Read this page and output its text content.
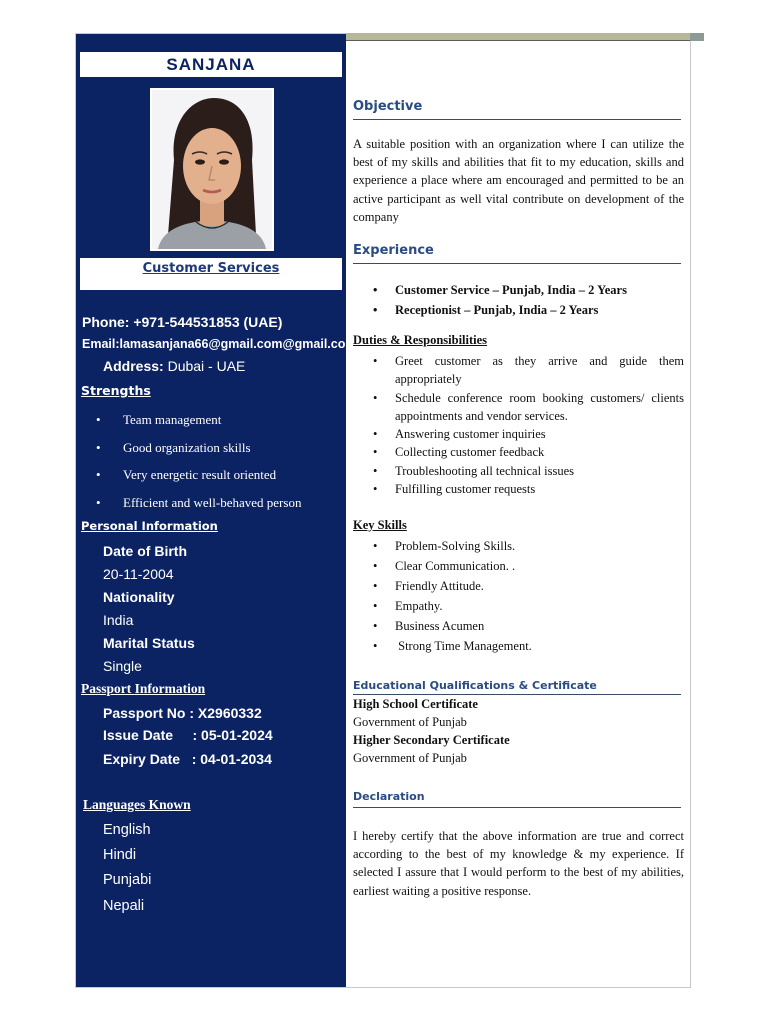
SANJANA
Customer Services
Phone: +971-544531853 (UAE)
Email:lamasanjana66@gmail.com@gmail.com
Address: Dubai - UAE
Strengths
• Team management
• Good organization skills
• Very energetic result oriented
• Efficient and well-behaved person
Personal Information
Date of Birth
20-11-2004
Nationality
India
Marital Status
Single
Passport Information
Passport No : X2960332
Issue Date     : 05-01-2024
Expiry Date   : 04-01-2034
Languages Known
English
Hindi
Punjabi
Nepali
Objective
A suitable position with an organization where I can utilize the best of my skills and abilities that fit to my education, skills and experience a place where am encouraged and permitted to be an active participant as well vital contribute on development of the company
Experience
• Customer Service – Punjab, India – 2 Years
• Receptionist – Punjab, India – 2 Years
Duties & Responsibilities
• Greet customer as they arrive and guide them appropriately
• Schedule conference room booking customers/ clients appointments and vendor services.
• Answering customer inquiries
• Collecting customer feedback
• Troubleshooting all technical issues
• Fulfilling customer requests
Key Skills
• Problem-Solving Skills.
• Clear Communication. .
• Friendly Attitude.
• Empathy.
• Business Acumen
•  Strong Time Management.
Educational Qualifications & Certificate
High School Certificate
Government of Punjab
Higher Secondary Certificate
Government of Punjab
Declaration
I hereby certify that the above information are true and correct according to the best of my knowledge & my experience. If selected I assure that I would perform to the best of my abilities, earliest waiting a positive response.
